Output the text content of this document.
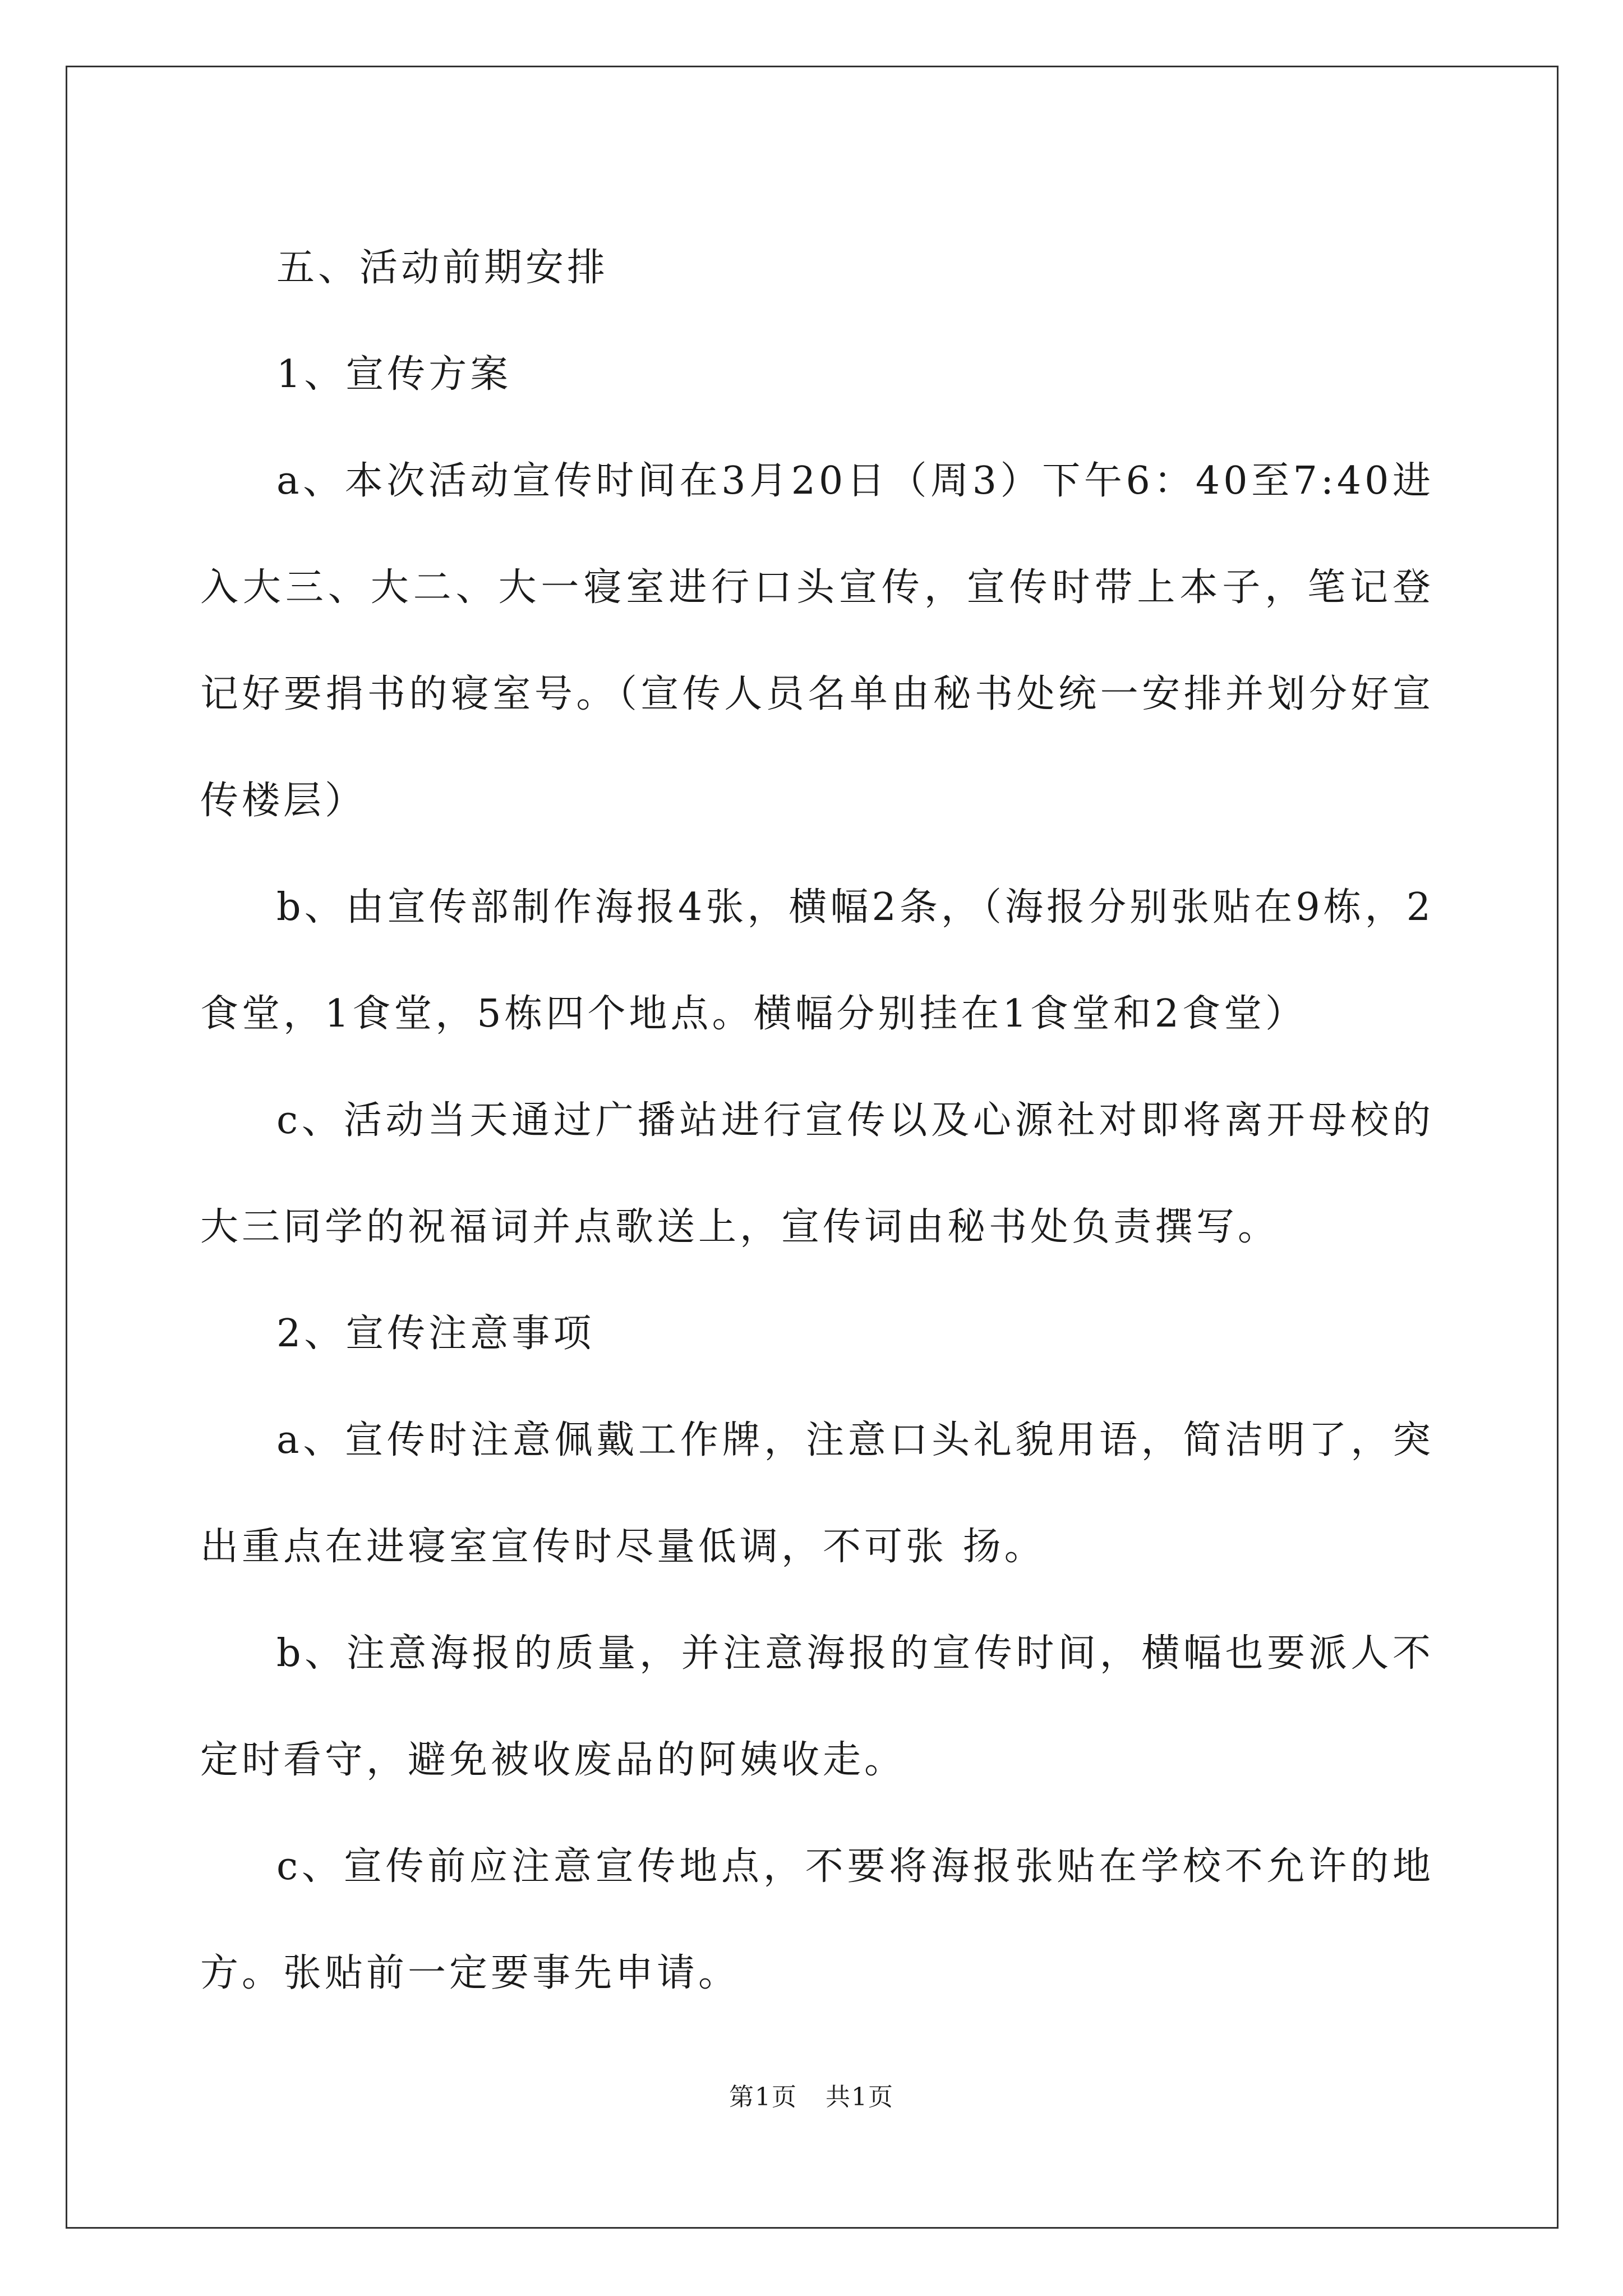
五、活动前期安排

1、宣传方案

a、本次活动宣传时间在3月20日（周3）下午6：40至7:40进入大三、大二、大一寝室进行口头宣传，宣传时带上本子，笔记登记好要捐书的寝室号。（宣传人员名单由秘书处统一安排并划分好宣传楼层）

b、由宣传部制作海报4张，横幅2条，（海报分别张贴在9栋，2食堂，1食堂，5栋四个地点。横幅分别挂在1食堂和2食堂）

c、活动当天通过广播站进行宣传以及心源社对即将离开母校的大三同学的祝福词并点歌送上，宣传词由秘书处负责撰写。

2、宣传注意事项

a、宣传时注意佩戴工作牌，注意口头礼貌用语，简洁明了，突出重点在进寝室宣传时尽量低调，不可张 扬。

b、注意海报的质量，并注意海报的宣传时间，横幅也要派人不定时看守，避免被收废品的阿姨收走。

c、宣传前应注意宣传地点，不要将海报张贴在学校不允许的地方。张贴前一定要事先申请。

第1页 共1页
